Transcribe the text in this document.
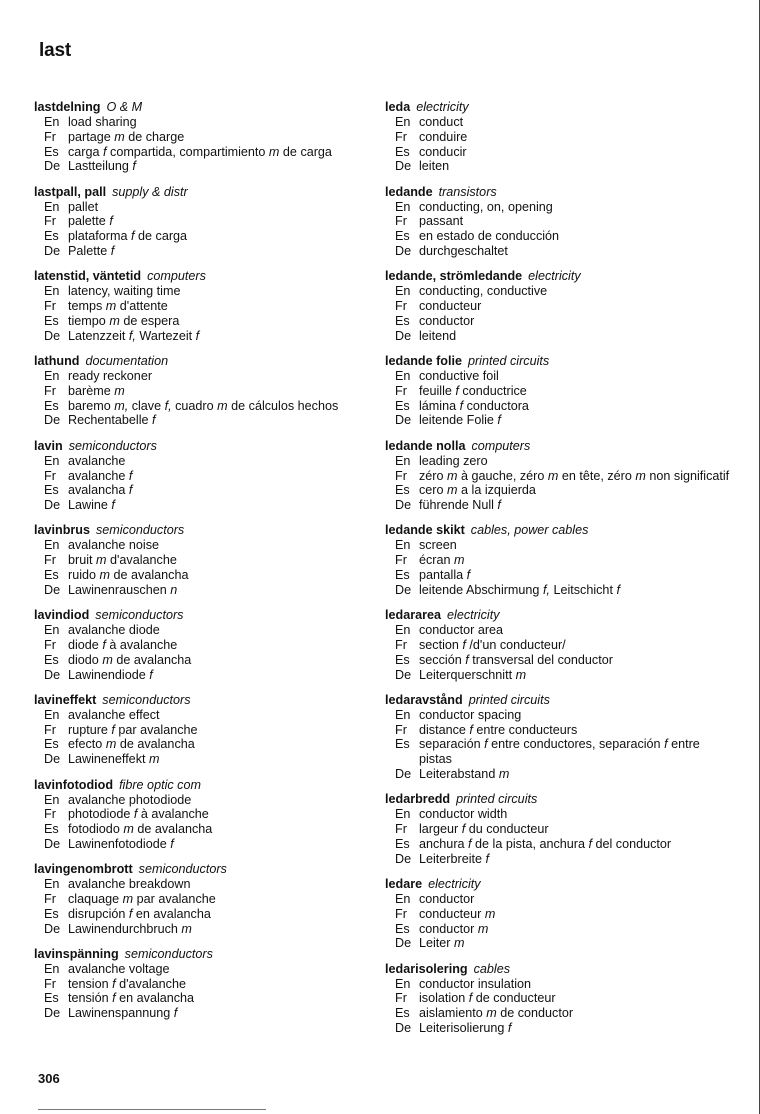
last
lastdelning O & M
En load sharing
Fr partage m de charge
Es carga f compartida, compartimiento m de carga
De Lastteilung f
lastpall, pall supply & distr
En pallet
Fr palette f
Es plataforma f de carga
De Palette f
latenstid, väntetid computers
En latency, waiting time
Fr temps m d'attente
Es tiempo m de espera
De Latenzzeit f, Wartezeit f
lathund documentation
En ready reckoner
Fr barème m
Es baremo m, clave f, cuadro m de cálculos hechos
De Rechentabelle f
lavin semiconductors
En avalanche
Fr avalanche f
Es avalancha f
De Lawine f
lavinbrus semiconductors
En avalanche noise
Fr bruit m d'avalanche
Es ruido m de avalancha
De Lawinenrauschen n
lavindiod semiconductors
En avalanche diode
Fr diode f à avalanche
Es diodo m de avalancha
De Lawinendiode f
lavineffekt semiconductors
En avalanche effect
Fr rupture f par avalanche
Es efecto m de avalancha
De Lawineneffekt m
lavinfotodiod fibre optic com
En avalanche photodiode
Fr photodiode f à avalanche
Es fotodiodo m de avalancha
De Lawinenfotodiode f
lavingenombrott semiconductors
En avalanche breakdown
Fr claquage m par avalanche
Es disrupción f en avalancha
De Lawinendurchbruch m
lavinspänning semiconductors
En avalanche voltage
Fr tension f d'avalanche
Es tensión f en avalancha
De Lawinenspannung f
leda electricity
En conduct
Fr conduire
Es conducir
De leiten
ledande transistors
En conducting, on, opening
Fr passant
Es en estado de conducción
De durchgeschaltet
ledande, strömledande electricity
En conducting, conductive
Fr conducteur
Es conductor
De leitend
ledande folie printed circuits
En conductive foil
Fr feuille f conductrice
Es lámina f conductora
De leitende Folie f
ledande nolla computers
En leading zero
Fr zéro m à gauche, zéro m en tête, zéro m non significatif
Es cero m a la izquierda
De führende Null f
ledande skikt cables, power cables
En screen
Fr écran m
Es pantalla f
De leitende Abschirmung f, Leitschicht f
ledararea electricity
En conductor area
Fr section f /d'un conducteur/
Es sección f transversal del conductor
De Leiterquerschnitt m
ledaravstånd printed circuits
En conductor spacing
Fr distance f entre conducteurs
Es separación f entre conductores, separación f entre pistas
De Leiterabstand m
ledarbredd printed circuits
En conductor width
Fr largeur f du conducteur
Es anchura f de la pista, anchura f del conductor
De Leiterbreite f
ledare electricity
En conductor
Fr conducteur m
Es conductor m
De Leiter m
ledarisolering cables
En conductor insulation
Fr isolation f de conducteur
Es aislamiento m de conductor
De Leiterisolierung f
306
